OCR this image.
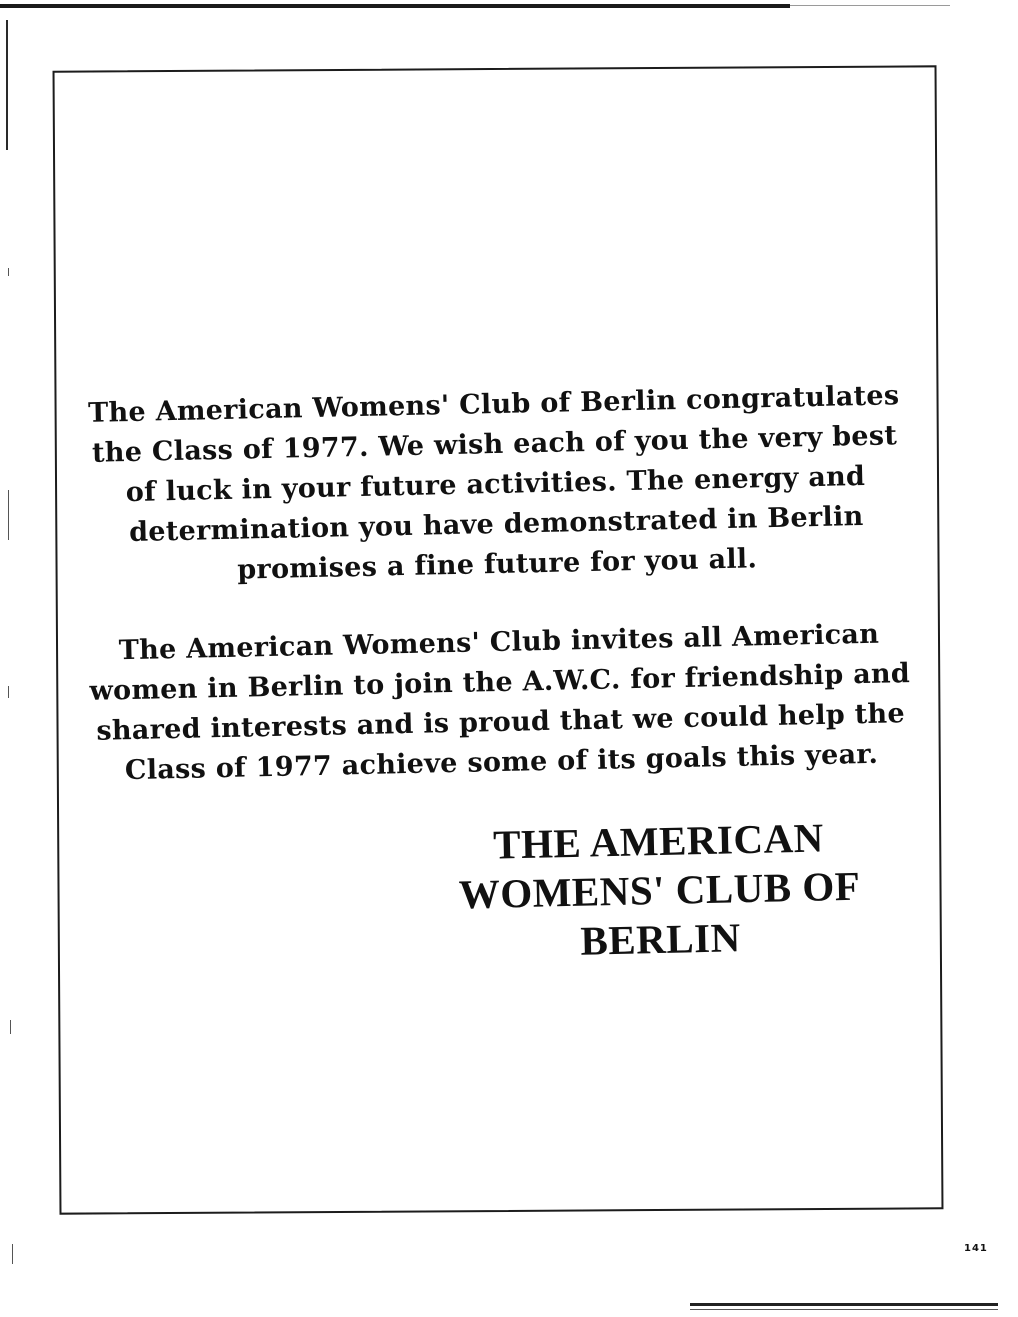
The American Womens' Club of Berlin congratulates the Class of 1977. We wish each of you the very best of luck in your future activities. The energy and determination you have demonstrated in Berlin promises a fine future for you all.

The American Womens' Club invites all American women in Berlin to join the A.W.C. for friendship and shared interests and is proud that we could help the Class of 1977 achieve some of its goals this year.

THE AMERICAN
WOMENS' CLUB OF
BERLIN
141
